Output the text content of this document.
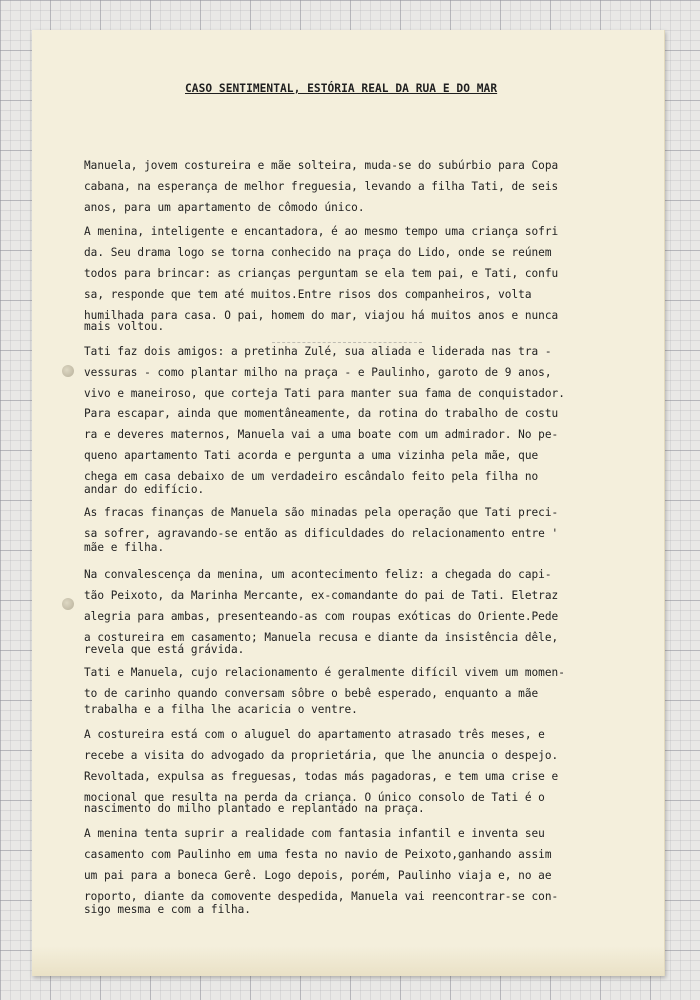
CASO SENTIMENTAL, ESTÓRIA REAL DA RUA E DO MAR
Manuela, jovem costureira e mãe solteira, muda-se do subúrbio para Copa
cabana, na esperança de melhor freguesia, levando a filha Tati, de seis
anos, para um apartamento de cômodo único.
A menina, inteligente e encantadora, é ao mesmo tempo uma criança sofri
da. Seu drama logo se torna conhecido na praça do Lido, onde se reúnem
todos para brincar: as crianças perguntam se ela tem pai, e Tati, confu
sa, responde que tem até muitos.Entre risos dos companheiros, volta
humilhada para casa. O pai, homem do mar, viajou há muitos anos e nunca
mais voltou.
Tati faz dois amigos: a pretinha Zulé, sua aliada e liderada nas tra -
vessuras - como plantar milho na praça - e Paulinho, garoto de 9 anos,
vivo e maneiroso, que corteja Tati para manter sua fama de conquistador.
Para escapar, ainda que momentâneamente, da rotina do trabalho de costu
ra e deveres maternos, Manuela vai a uma boate com um admirador. No pe-
queno apartamento Tati acorda e pergunta a uma vizinha pela mãe, que
chega em casa debaixo de um verdadeiro escândalo feito pela filha no
andar do edifício.
As fracas finanças de Manuela são minadas pela operação que Tati preci-
sa sofrer, agravando-se então as dificuldades do relacionamento entre '
mãe e filha.
Na convalescença da menina, um acontecimento feliz: a chegada do capi-
tão Peixoto, da Marinha Mercante, ex-comandante do pai de Tati. Eletraz
alegria para ambas, presenteando-as com roupas exóticas do Oriente.Pede
a costureira em casamento; Manuela recusa e diante da insistência dêle,
revela que está grávida.
Tati e Manuela, cujo relacionamento é geralmente difícil vivem um momen-
to de carinho quando conversam sôbre o bebê esperado, enquanto a mãe
trabalha e a filha lhe acaricia o ventre.
A costureira está com o aluguel do apartamento atrasado três meses, e
recebe a visita do advogado da proprietária, que lhe anuncia o despejo.
Revoltada, expulsa as freguesas, todas más pagadoras, e tem uma crise e
mocional que resulta na perda da criança. O único consolo de Tati é o
nascimento do milho plantado e replantado na praça.
A menina tenta suprir a realidade com fantasia infantil e inventa seu
casamento com Paulinho em uma festa no navio de Peixoto,ganhando assim
um pai para a boneca Gerê. Logo depois, porém, Paulinho viaja e, no ae
roporto, diante da comovente despedida, Manuela vai reencontrar-se con-
sigo mesma e com a filha.
